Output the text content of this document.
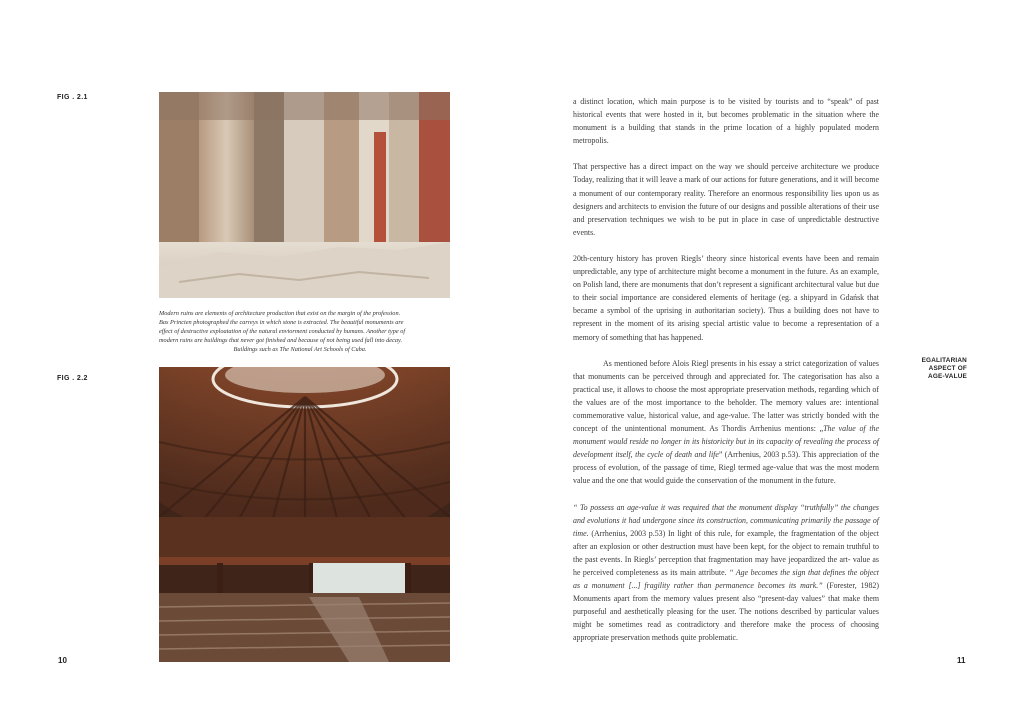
FIG . 2.1
Modern ruins are elements of architecture production that exist on the margin of the profession.
Bas Princten photographed the carreys in which stone is extracted. The beautiful monuments are
effect of destructive exploatation of the natural enviorment conducted by humans. Another type of
modern ruins are buildings that never got finished and because of not being used fall into decay.
Buildings such as The National Art Schools of Cuba.
FIG . 2.2
10

a distinct location, which main purpose is to be visited by tourists and to “speak” of past historical events that were hosted in it, but becomes problematic in the situation where the monument is a building that stands in the prime location of a highly populated modern metropolis.

That perspective has a direct impact on the way we should perceive architecture we produce Today, realizing that it will leave a mark of our actions for future generations, and it will become a monument of our contemporary reality. Therefore an enormous responsibility lies upon us as designers and architects to envision the future of our designs and possible alterations of their use and preservation techniques we wish to be put in place in case of unpredictable destructive events.

20th-century history has proven Riegls’ theory since historical events have been and remain unpredictable, any type of architecture might become a monument in the future. As an example, on Polish land, there are monuments that don’t represent a significant architectural value but due to their social importance are considered elements of heritage (eg. a shipyard in Gdańsk that became a symbol of the uprising in authoritarian society). Thus a building does not have to represent in the moment of its arising special artistic value to become a representation of a memory of something that has happened.

As mentioned before Alois Riegl presents in his essay a strict categorization of values that monuments can be perceived through and appreciated for. The categorisation has also a practical use, it allows to choose the most appropriate preservation methods, regarding which of the values are of the most importance to the beholder. The memory values are: intentional commemorative value, historical value, and age-value. The latter was strictly bonded with the concept of the unintentional monument. As Thordis Arrhenius mentions: „The value of the monument would reside no longer in its historicity but in its capacity of revealing the process of development itself, the cycle of death and life” (Arrhenius, 2003 p.53). This appreciation of the process of evolution, of the passage of time, Riegl termed age-value that was the most modern value and the one that would guide the conservation of the monument in the future.

“ To possess an age-value it was required that the monument display “truthfully” the changes and evolutions it had undergone since its construction, communicating primarily the passage of time. (Arrhenius, 2003 p.53) In light of this rule, for example, the fragmentation of the object after an explosion or other destruction must have been kept, for the object to remain truthful to the past events. In Riegls’ perception that fragmentation may have jeopardized the art- value as he perceived completeness as its main attribute. “ Age becomes the sign that defines the object as a monument [...] fragility rather than permanence becomes its mark.” (Forester, 1982) Monuments apart from the memory values present also “present-day values” that make them purposeful and aesthetically pleasing for the user. The notions described by particular values might be sometimes read as contradictory and therefore make the process of choosing appropriate preservation methods quite problematic.

EGALITARIAN
ASPECT OF
AGE-VALUE
11
